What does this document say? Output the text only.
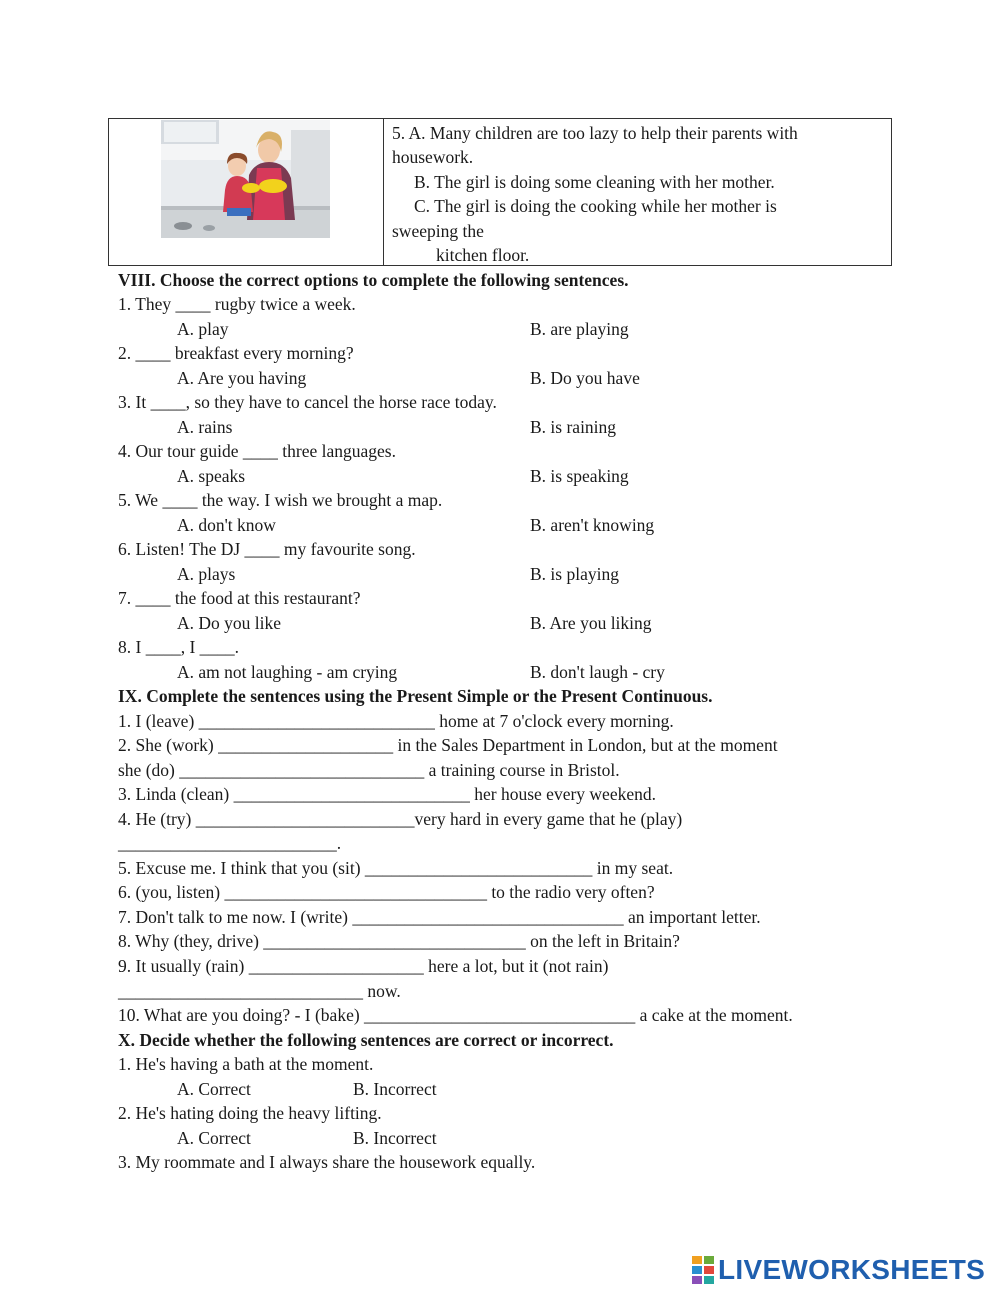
5. A. Many children are too lazy to help their parents with
housework.
B. The girl is doing some cleaning with her mother.
C. The girl is doing the cooking while her mother is
sweeping the
kitchen floor.
VIII. Choose the correct options to complete the following sentences.
1. They ____ rugby twice a week.
A. play	B. are playing
2. ____ breakfast every morning?
A. Are you having	B. Do you have
3. It ____, so they have to cancel the horse race today.
A. rains	B. is raining
4. Our tour guide ____ three languages.
A. speaks	B. is speaking
5. We ____ the way. I wish we brought a map.
A. don't know	B. aren't knowing
6. Listen! The DJ ____ my favourite song.
A. plays	B. is playing
7. ____ the food at this restaurant?
A. Do you like	B. Are you liking
8. I ____, I ____.
A. am not laughing - am crying	B. don't laugh - cry
IX. Complete the sentences using the Present Simple or the Present Continuous.
1. I (leave) ___________________________ home at 7 o'clock every morning.
2. She (work) ____________________ in the Sales Department in London, but at the moment
she (do) ____________________________ a training course in Bristol.
3. Linda (clean) ___________________________ her house every weekend.
4. He (try) _________________________very hard in every game that he (play)
_________________________.
5. Excuse me. I think that you (sit) __________________________ in my seat.
6. (you, listen) ______________________________ to the radio very often?
7. Don't talk to me now. I (write) _______________________________ an important letter.
8. Why (they, drive) ______________________________ on the left in Britain?
9. It usually (rain) ____________________ here a lot, but it (not rain)
____________________________ now.
10. What are you doing? - I (bake) _______________________________ a cake at the moment.
X. Decide whether the following sentences are correct or incorrect.
1. He's having a bath at the moment.
A. Correct	B. Incorrect
2. He's hating doing the heavy lifting.
A. Correct	B. Incorrect
3. My roommate and I always share the housework equally.
LIVEWORKSHEETS
